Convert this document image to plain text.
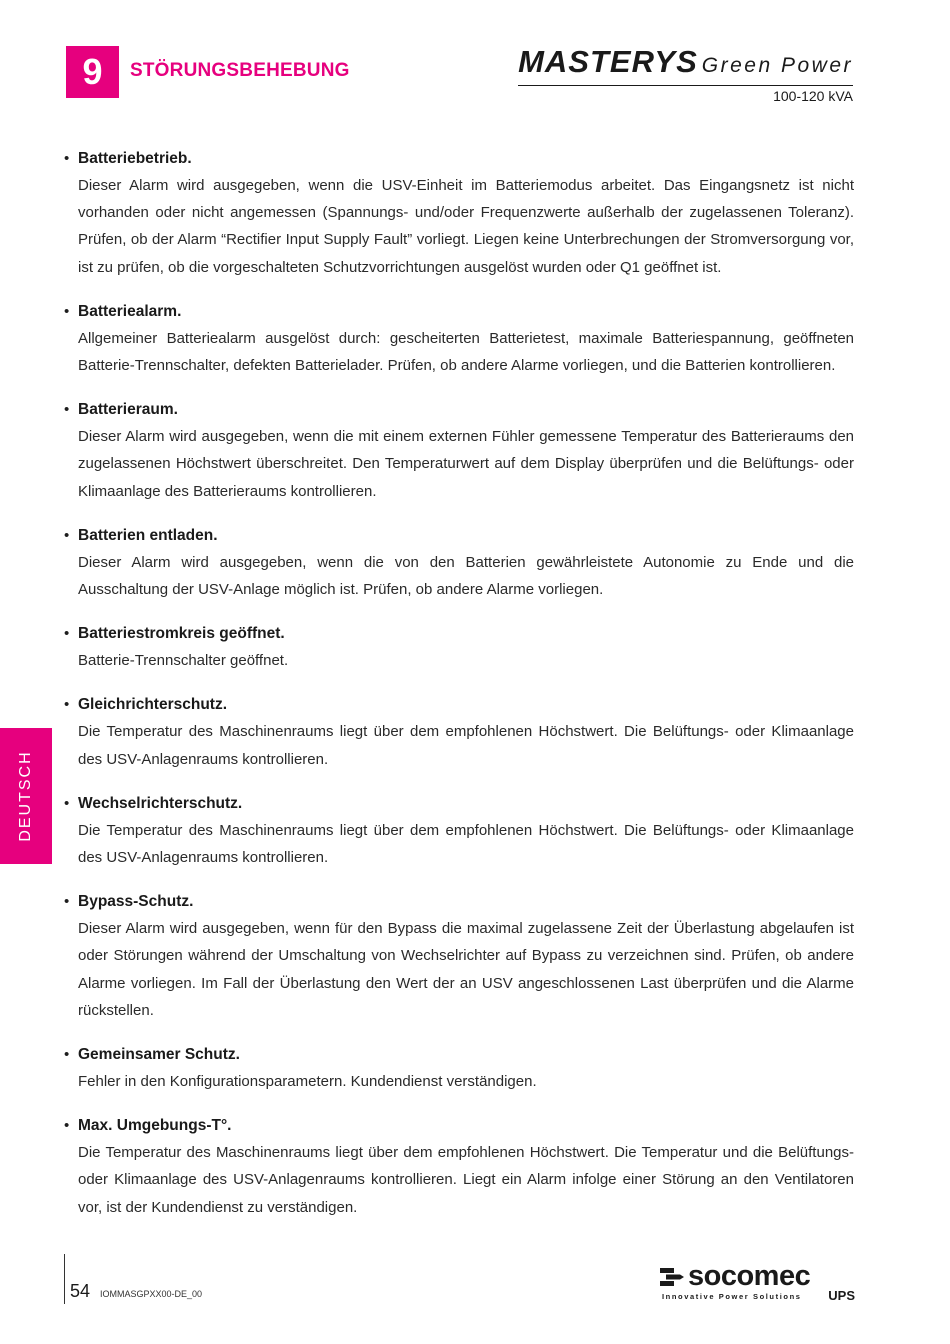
9	STÖRUNGSBEHEBUNG	MASTERYS Green Power
100-120 kVA
• Batteriebetrieb.
Dieser Alarm wird ausgegeben, wenn die USV-Einheit im Batteriemodus arbeitet. Das Eingangsnetz ist nicht vorhanden oder nicht angemessen (Spannungs- und/oder Frequenzwerte außerhalb der zugelassenen Toleranz). Prüfen, ob der Alarm “Rectifier Input Supply Fault” vorliegt. Liegen keine Unterbrechungen der Stromversorgung vor, ist zu prüfen, ob die vorgeschalteten Schutzvorrichtungen ausgelöst wurden oder Q1 geöffnet ist.
• Batteriealarm.
Allgemeiner Batteriealarm ausgelöst durch: gescheiterten Batterietest, maximale Batteriespannung, geöffneten Batterie-Trennschalter, defekten Batterielader. Prüfen, ob andere Alarme vorliegen, und die Batterien kontrollieren.
• Batterieraum.
Dieser Alarm wird ausgegeben, wenn die mit einem externen Fühler gemessene Temperatur des Batterieraums den zugelassenen Höchstwert überschreitet. Den Temperaturwert auf dem Display überprüfen und die Belüftungs- oder Klimaanlage des Batterieraums kontrollieren.
• Batterien entladen.
Dieser Alarm wird ausgegeben, wenn die von den Batterien gewährleistete Autonomie zu Ende und die Ausschaltung der USV-Anlage möglich ist. Prüfen, ob andere Alarme vorliegen.
• Batteriestromkreis geöffnet.
Batterie-Trennschalter geöffnet.
• Gleichrichterschutz.
Die Temperatur des Maschinenraums liegt über dem empfohlenen Höchstwert. Die Belüftungs- oder Klimaanlage des USV-Anlagenraums kontrollieren.
• Wechselrichterschutz.
Die Temperatur des Maschinenraums liegt über dem empfohlenen Höchstwert. Die Belüftungs- oder Klimaanlage des USV-Anlagenraums kontrollieren.
• Bypass-Schutz.
Dieser Alarm wird ausgegeben, wenn für den Bypass die maximal zugelassene Zeit der Überlastung abgelaufen ist oder Störungen während der Umschaltung von Wechselrichter auf Bypass zu verzeichnen sind. Prüfen, ob andere Alarme vorliegen. Im Fall der Überlastung den Wert der an USV angeschlossenen Last überprüfen und die Alarme rückstellen.
• Gemeinsamer Schutz.
Fehler in den Konfigurationsparametern. Kundendienst verständigen.
• Max. Umgebungs-T°.
Die Temperatur des Maschinenraums liegt über dem empfohlenen Höchstwert. Die Temperatur und die Belüftungs- oder Klimaanlage des USV-Anlagenraums kontrollieren. Liegt ein Alarm infolge einer Störung an den Ventilatoren vor, ist der Kundendienst zu verständigen.
DEUTSCH
54 IOMMASGPXX00-DE_00
socomec
Innovative Power Solutions UPS
